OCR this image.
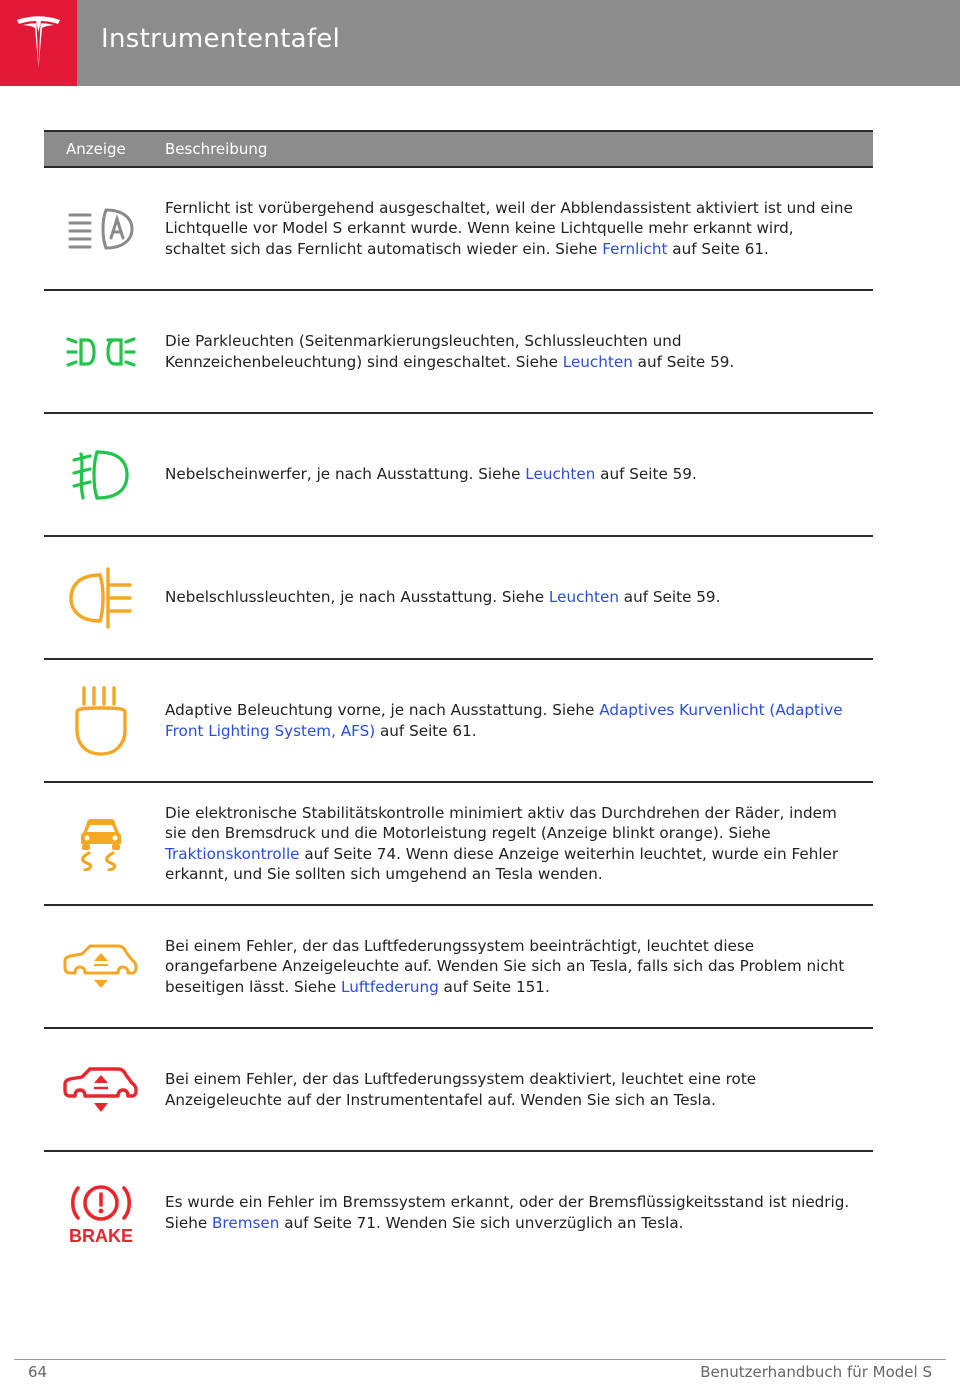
Instrumententafel
Anzeige	Beschreibung

Fernlicht ist vorübergehend ausgeschaltet, weil der Abblendassistent aktiviert ist und eine Lichtquelle vor Model S erkannt wurde. Wenn keine Lichtquelle mehr erkannt wird, schaltet sich das Fernlicht automatisch wieder ein. Siehe Fernlicht auf Seite 61.

Die Parkleuchten (Seitenmarkierungsleuchten, Schlussleuchten und Kennzeichenbeleuchtung) sind eingeschaltet. Siehe Leuchten auf Seite 59.

Nebelscheinwerfer, je nach Ausstattung. Siehe Leuchten auf Seite 59.

Nebelschlussleuchten, je nach Ausstattung. Siehe Leuchten auf Seite 59.

Adaptive Beleuchtung vorne, je nach Ausstattung. Siehe Adaptives Kurvenlicht (Adaptive Front Lighting System, AFS) auf Seite 61.

Die elektronische Stabilitätskontrolle minimiert aktiv das Durchdrehen der Räder, indem sie den Bremsdruck und die Motorleistung regelt (Anzeige blinkt orange). Siehe Traktionskontrolle auf Seite 74. Wenn diese Anzeige weiterhin leuchtet, wurde ein Fehler erkannt, und Sie sollten sich umgehend an Tesla wenden.

Bei einem Fehler, der das Luftfederungssystem beeinträchtigt, leuchtet diese orangefarbene Anzeigeleuchte auf. Wenden Sie sich an Tesla, falls sich das Problem nicht beseitigen lässt. Siehe Luftfederung auf Seite 151.

Bei einem Fehler, der das Luftfederungssystem deaktiviert, leuchtet eine rote Anzeigeleuchte auf der Instrumententafel auf. Wenden Sie sich an Tesla.

BRAKE

Es wurde ein Fehler im Bremssystem erkannt, oder der Bremsflüssigkeitsstand ist niedrig. Siehe Bremsen auf Seite 71. Wenden Sie sich unverzüglich an Tesla.

64	Benutzerhandbuch für Model S
